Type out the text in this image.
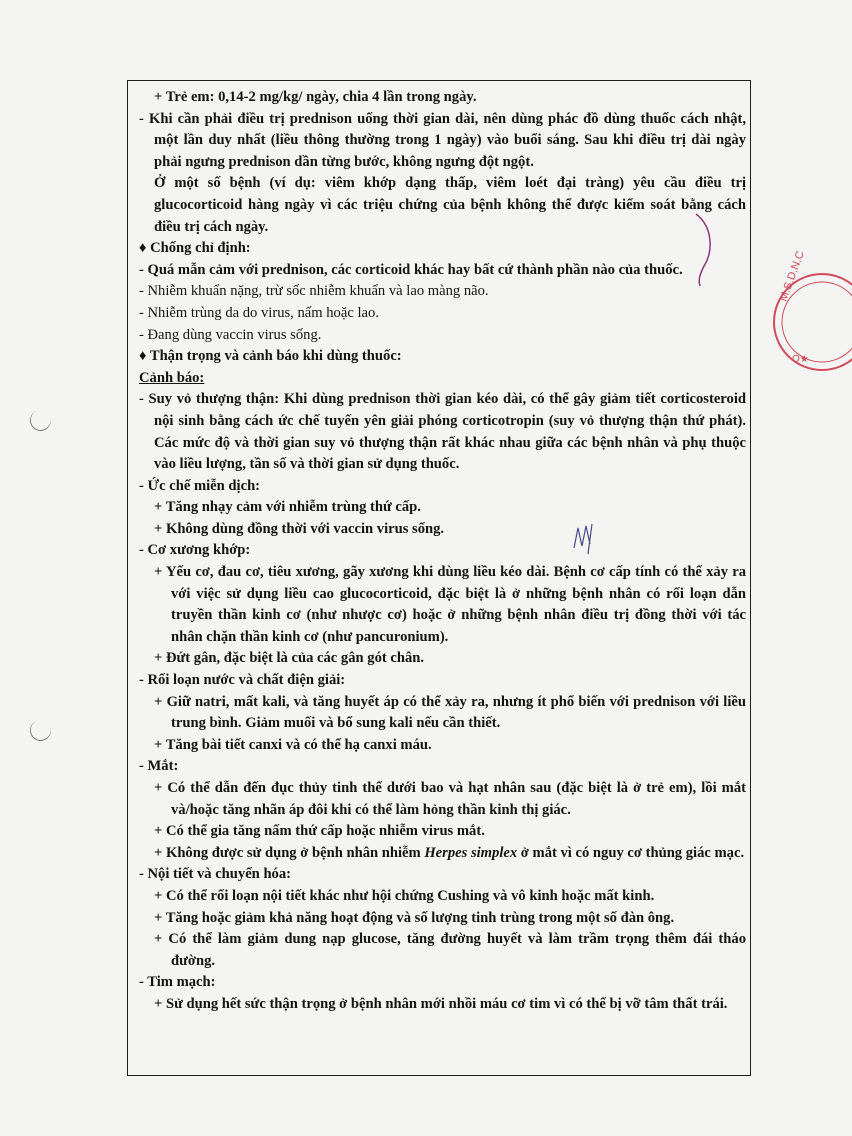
M.S.D.N.C
O★

+ Trẻ em: 0,14-2 mg/kg/ ngày, chia 4 lần trong ngày.

- Khi cần phải điều trị prednison uống thời gian dài, nên dùng phác đồ dùng thuốc cách nhật, một lần duy nhất (liều thông thường trong 1 ngày) vào buổi sáng. Sau khi điều trị dài ngày phải ngưng prednison dần từng bước, không ngưng đột ngột.

Ở một số bệnh (ví dụ: viêm khớp dạng thấp, viêm loét đại tràng) yêu cầu điều trị glucocorticoid hàng ngày vì các triệu chứng của bệnh không thể được kiểm soát bằng cách điều trị cách ngày.

♦ Chống chỉ định:

- Quá mẫn cảm với prednison, các corticoid khác hay bất cứ thành phần nào của thuốc.

- Nhiễm khuẩn nặng, trừ sốc nhiễm khuẩn và lao màng não.

- Nhiễm trùng da do virus, nấm hoặc lao.

- Đang dùng vaccin virus sống.

♦ Thận trọng và cảnh báo khi dùng thuốc:

Cảnh báo:

- Suy vỏ thượng thận: Khi dùng prednison thời gian kéo dài, có thể gây giảm tiết corticosteroid nội sinh bằng cách ức chế tuyến yên giải phóng corticotropin (suy vỏ thượng thận thứ phát). Các mức độ và thời gian suy vỏ thượng thận rất khác nhau giữa các bệnh nhân và phụ thuộc vào liều lượng, tần số và thời gian sử dụng thuốc.

- Ức chế miễn dịch:

+ Tăng nhạy cảm với nhiễm trùng thứ cấp.

+ Không dùng đồng thời với vaccin virus sống.

- Cơ xương khớp:

+ Yếu cơ, đau cơ, tiêu xương, gãy xương khi dùng liều kéo dài. Bệnh cơ cấp tính có thể xảy ra với việc sử dụng liều cao glucocorticoid, đặc biệt là ở những bệnh nhân có rối loạn dẫn truyền thần kinh cơ (như nhược cơ) hoặc ở những bệnh nhân điều trị đồng thời với tác nhân chặn thần kinh cơ (như pancuronium).

+ Đứt gân, đặc biệt là của các gân gót chân.

- Rối loạn nước và chất điện giải:

+ Giữ natri, mất kali, và tăng huyết áp có thể xảy ra, nhưng ít phổ biến với prednison với liều trung bình. Giảm muối và bổ sung kali nếu cần thiết.

+ Tăng bài tiết canxi và có thể hạ canxi máu.

- Mắt:

+ Có thể dẫn đến đục thủy tinh thể dưới bao và hạt nhân sau (đặc biệt là ở trẻ em), lồi mắt và/hoặc tăng nhãn áp đôi khi có thể làm hỏng thần kinh thị giác.

+ Có thể gia tăng nấm thứ cấp hoặc nhiễm virus mắt.

+ Không được sử dụng ở bệnh nhân nhiễm Herpes simplex ở mắt vì có nguy cơ thủng giác mạc.

- Nội tiết và chuyển hóa:

+ Có thể rối loạn nội tiết khác như hội chứng Cushing và vô kinh hoặc mất kinh.

+ Tăng hoặc giảm khả năng hoạt động và số lượng tinh trùng trong một số đàn ông.

+ Có thể làm giảm dung nạp glucose, tăng đường huyết và làm trầm trọng thêm đái tháo đường.

- Tim mạch:

+ Sử dụng hết sức thận trọng ở bệnh nhân mới nhồi máu cơ tim vì có thể bị vỡ tâm thất trái.
